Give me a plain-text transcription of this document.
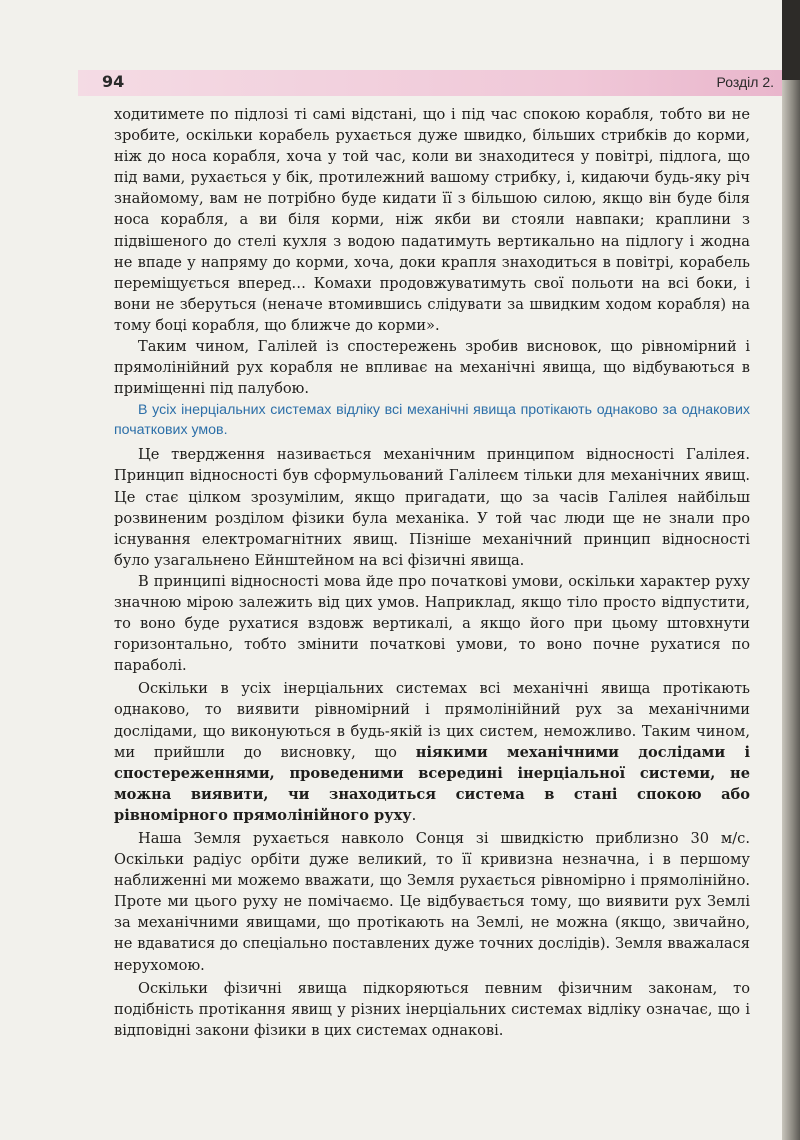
94	Розділ 2.

ходитимете по підлозі ті самі відстані, що і під час спокою корабля, тобто ви не зробите, оскільки корабель рухається дуже швидко, більших стрибків до корми, ніж до носа корабля, хоча у той час, коли ви знаходитеся у повітрі, підлога, що під вами, рухається у бік, протилежний вашому стрибку, і, кидаючи будь-яку річ знайомому, вам не потрібно буде кидати її з більшою силою, якщо він буде біля носа корабля, а ви біля корми, ніж якби ви стояли навпаки; краплини з підвішеного до стелі кухля з водою падатимуть вертикально на підлогу і жодна не впаде у напряму до корми, хоча, доки крапля знаходиться в повітрі, корабель переміщується вперед… Комахи продовжуватимуть свої польоти на всі боки, і вони не зберуться (неначе втомившись слідувати за швидким ходом корабля) на тому боці корабля, що ближче до корми».

Таким чином, Галілей із спостережень зробив висновок, що рівномірний і прямолінійний рух корабля не впливає на механічні явища, що відбуваються в приміщенні під палубою.

В усіх інерціальних системах відліку всі механічні явища протікають однаково за однакових початкових умов.

Це твердження називається механічним принципом відносності Галілея. Принцип відносності був сформульований Галілеєм тільки для механічних явищ. Це стає цілком зрозумілим, якщо пригадати, що за часів Галілея найбільш розвиненим розділом фізики була механіка. У той час люди ще не знали про існування електромагнітних явищ. Пізніше механічний принцип відносності було узагальнено Ейнштейном на всі фізичні явища.

В принципі відносності мова йде про початкові умови, оскільки характер руху значною мірою залежить від цих умов. Наприклад, якщо тіло просто відпустити, то воно буде рухатися вздовж вертикалі, а якщо його при цьому штовхнути горизонтально, тобто змінити початкові умови, то воно почне рухатися по параболі.

Оскільки в усіх інерціальних системах всі механічні явища протікають однаково, то виявити рівномірний і прямолінійний рух за механічними дослідами, що виконуються в будь-якій із цих систем, неможливо. Таким чином, ми прийшли до висновку, що ніякими механічними дослідами і спостереженнями, проведеними всередині інерціальної системи, не можна виявити, чи знаходиться система в стані спокою або рівномірного прямолінійного руху.

Наша Земля рухається навколо Сонця зі швидкістю приблизно 30 м/с. Оскільки радіус орбіти дуже великий, то її кривизна незначна, і в першому наближенні ми можемо вважати, що Земля рухається рівномірно і прямолінійно. Проте ми цього руху не помічаємо. Це відбувається тому, що виявити рух Землі за механічними явищами, що протікають на Землі, не можна (якщо, звичайно, не вдаватися до спеціально поставлених дуже точних дослідів). Земля вважалася нерухомою.

Оскільки фізичні явища підкоряються певним фізичним законам, то подібність протікання явищ у різних інерціальних системах відліку означає, що і відповідні закони фізики в цих системах однакові.
